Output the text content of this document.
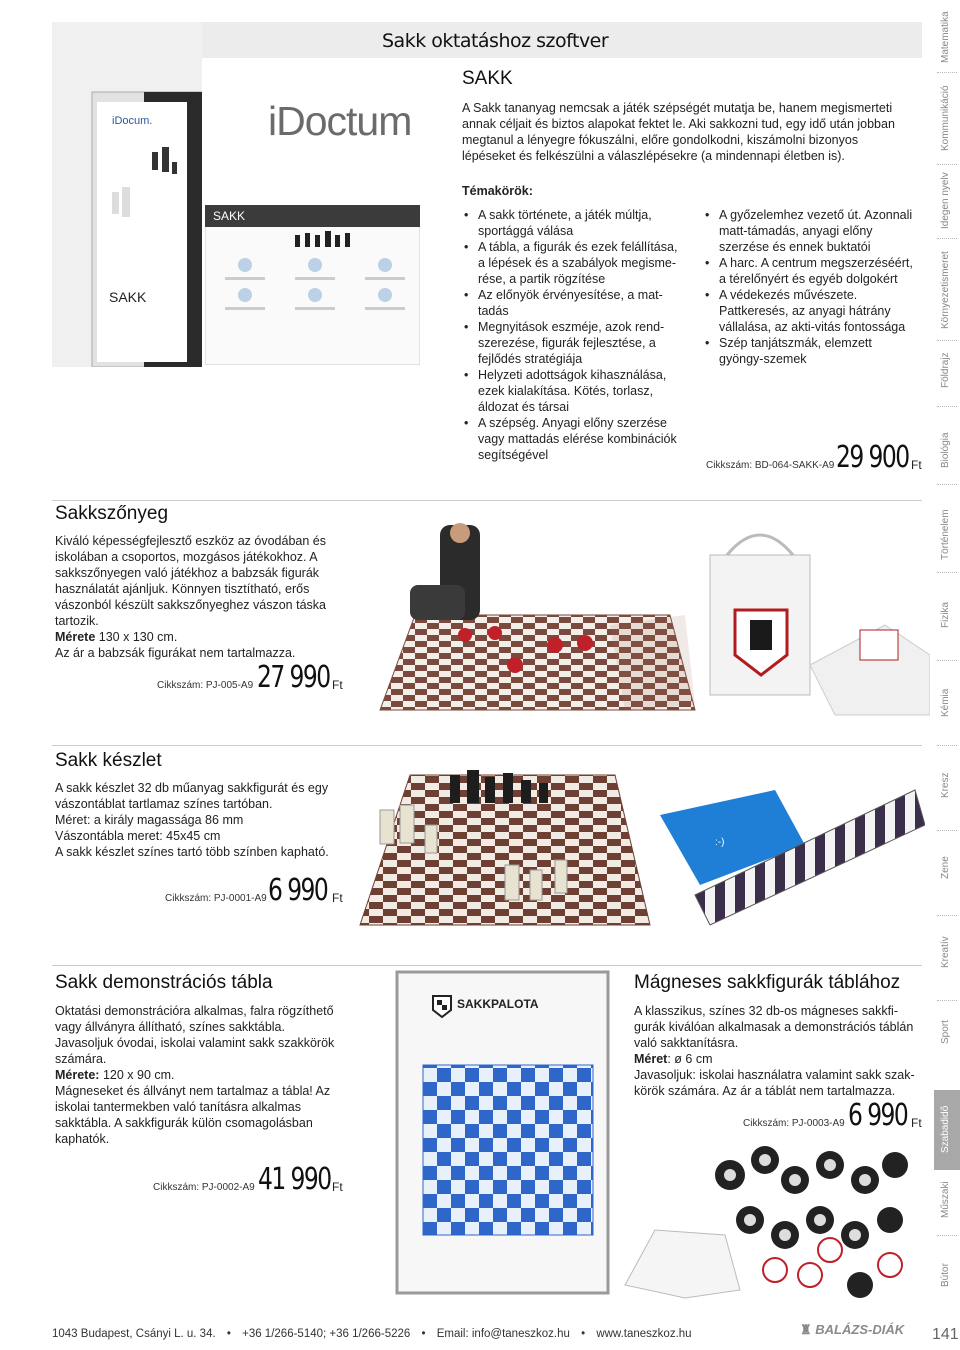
Sakk oktatáshoz szoftver
iDocum.
SAKK
SAKK
iDoctum
SAKK
A Sakk tananyag nemcsak a játék szépségét mutatja be, hanem megismerteti annak céljait és biztos alapokat fektet le. Aki sakkozni tud, egy idő után jobban megtanul a lényegre fókuszálni, előre gondolkodni, kiszámolni bizonyos lépéseket és felkészülni a válaszlépésekre (a mindennapi életben is).
Témakörök:
• A sakk története, a játék múltja, sportággá válása
• A tábla, a figurák és ezek felállítása, a lépések és a szabályok megisme-rése, a partik rögzítése
• Az előnyök érvényesítése, a mat-tadás
• Megnyitások eszméje, azok rend-szerezése, figurák fejlesztése, a fejlődés stratégiája
• Helyzeti adottságok kihasználása, ezek kialakítása. Kötés, torlasz, áldozat és társai
• A szépség. Anyagi előny szerzése vagy mattadás elérése kombinációk segítségével
• A győzelemhez vezető út. Azonnali matt-támadás, anyagi előny szerzése és ennek buktatói
• A harc. A centrum megszerzéséért, a térelőnyért és egyéb dolgokért
• A védekezés művészete. Pattkeresés, az anyagi hátrány vállalása, az akti-vitás fontossága
• Szép tanjátszmák, elemzett gyöngy-szemek
Cikkszám: BD-064-SAKK-A9 29 900 Ft
Sakkszőnyeg
Kiváló képességfejlesztő eszköz az óvodában és iskolában a csoportos, mozgásos játékokhoz. A sakkszőnyegen való játékhoz a babzsák figurák használatát ajánljuk. Könnyen tisztítható, erős vászonból készült sakkszőnyeghez vászon táska tartozik.
Mérete 130 x 130 cm.
Az ár a babzsák figurákat nem tartalmazza.
Cikkszám: PJ-005-A9 27 990 Ft
Sakk készlet
A sakk készlet 32 db műanyag sakkfigurát és egy vászontáblat tartlamaz színes tartóban.
Méret: a király magassága 86 mm
Vászontábla meret: 45x45 cm
A sakk készlet színes tartó több színben kapható.
Cikkszám: PJ-0001-A9 6 990 Ft
:-)
Sakk demonstrációs tábla
Oktatási demonstrációra alkalmas, falra rögzíthető vagy állványra állítható, színes sakktábla. Javasoljuk óvodai, iskolai valamint sakk szakkörök számára.
Mérete: 120 x 90 cm.
Mágneseket és állványt nem tartalmaz a tábla! Az iskolai tantermekben való tanításra alkalmas sakktábla. A sakkfigurák külön csomagolásban kaphatók.
Cikkszám: PJ-0002-A9 41 990 Ft
SAKKPALOTA
Mágneses sakkfigurák táblához
A klasszikus, színes 32 db-os mágneses sakkfi-gurák kiválóan alkalmasak a demonstrációs táblán való sakktanításra.
Méret: ø 6 cm
Javasoljuk: iskolai használatra valamint sakk szak-körök számára. Az ár a táblát nem tartalmazza.
Cikkszám: PJ-0003-A9 6 990 Ft
Matematika
Kommunikáció
Idegen nyelv
Környezetismeret
Földrajz
Biológia
Történelem
Fizika
Kémia
Kresz
Zene
Kreatív
Sport
Szabadidő
Műszaki
Bútor
1043 Budapest, Csányi L. u. 34. • +36 1/266-5140; +36 1/266-5226 • Email: info@taneszkoz.hu • www.taneszkoz.hu	♜ BALÁZS-DIÁK 141
